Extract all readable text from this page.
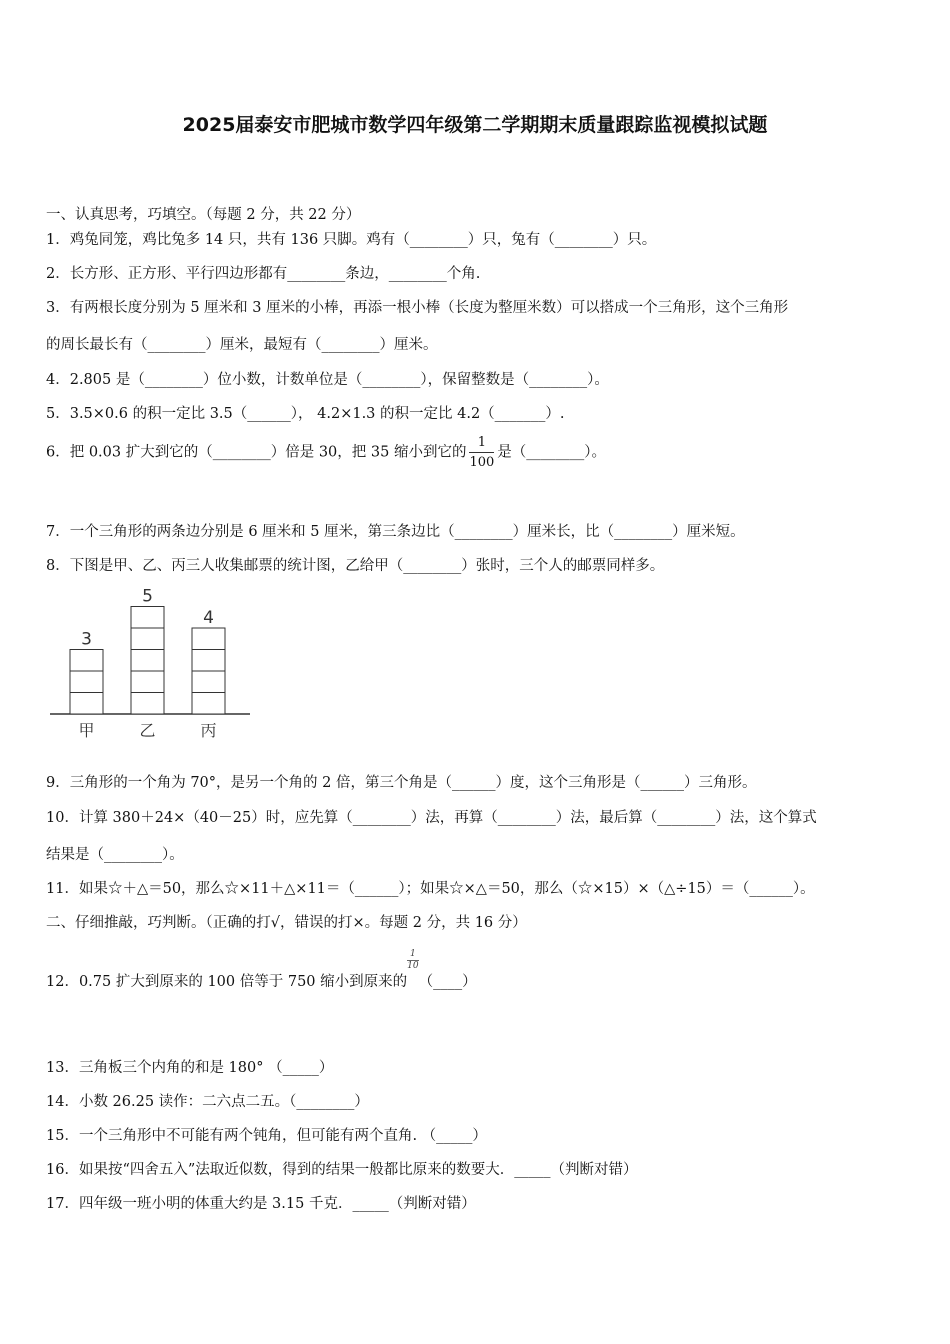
2025届泰安市肥城市数学四年级第二学期期末质量跟踪监视模拟试题
一、认真思考，巧填空。（每题 2 分，共 22 分）
1．鸡兔同笼，鸡比兔多 14 只，共有 136 只脚。鸡有（________）只，兔有（________）只。
2．长方形、正方形、平行四边形都有________条边，________个角.
3．有两根长度分别为 5 厘米和 3 厘米的小棒，再添一根小棒（长度为整厘米数）可以搭成一个三角形，这个三角形
的周长最长有（________）厘米，最短有（________）厘米。
4．2.805 是（________）位小数，计数单位是（________），保留整数是（________）。
5．3.5×0.6 的积一定比 3.5（______）， 4.2×1.3 的积一定比 4.2（_______）.
6．把 0.03 扩大到它的（________）倍是 30，把 35 缩小到它的 $\frac{1}{100}$ 是（________）。
7．一个三角形的两条边分别是 6 厘米和 5 厘米，第三条边比（________）厘米长，比（________）厘米短。
8．下图是甲、乙、丙三人收集邮票的统计图，乙给甲（________）张时，三个人的邮票同样多。
3
甲
5
乙
4
丙
9．三角形的一个角为 70°，是另一个角的 2 倍，第三个角是（______）度，这个三角形是（______）三角形。
10．计算 380＋24×（40－25）时，应先算（________）法，再算（________）法，最后算（________）法，这个算式
结果是（________）。
11．如果☆＋△＝50，那么☆×11＋△×11＝（______）；如果☆×△＝50，那么（☆×15）×（△÷15）＝（______）。
二、仔细推敲，巧判断。（正确的打√，错误的打×。每题 2 分，共 16 分）
12．0.75 扩大到原来的 100 倍等于 750 缩小到原来的
$\frac{1}{10}$
（____）
13．三角板三个内角的和是 180° （_____）
14．小数 26.25 读作：二六点二五。（________）
15．一个三角形中不可能有两个钝角，但可能有两个直角. （_____）
16．如果按“四舍五入”法取近似数，得到的结果一般都比原来的数要大．_____（判断对错）
17．四年级一班小明的体重大约是 3.15 千克．_____（判断对错）
